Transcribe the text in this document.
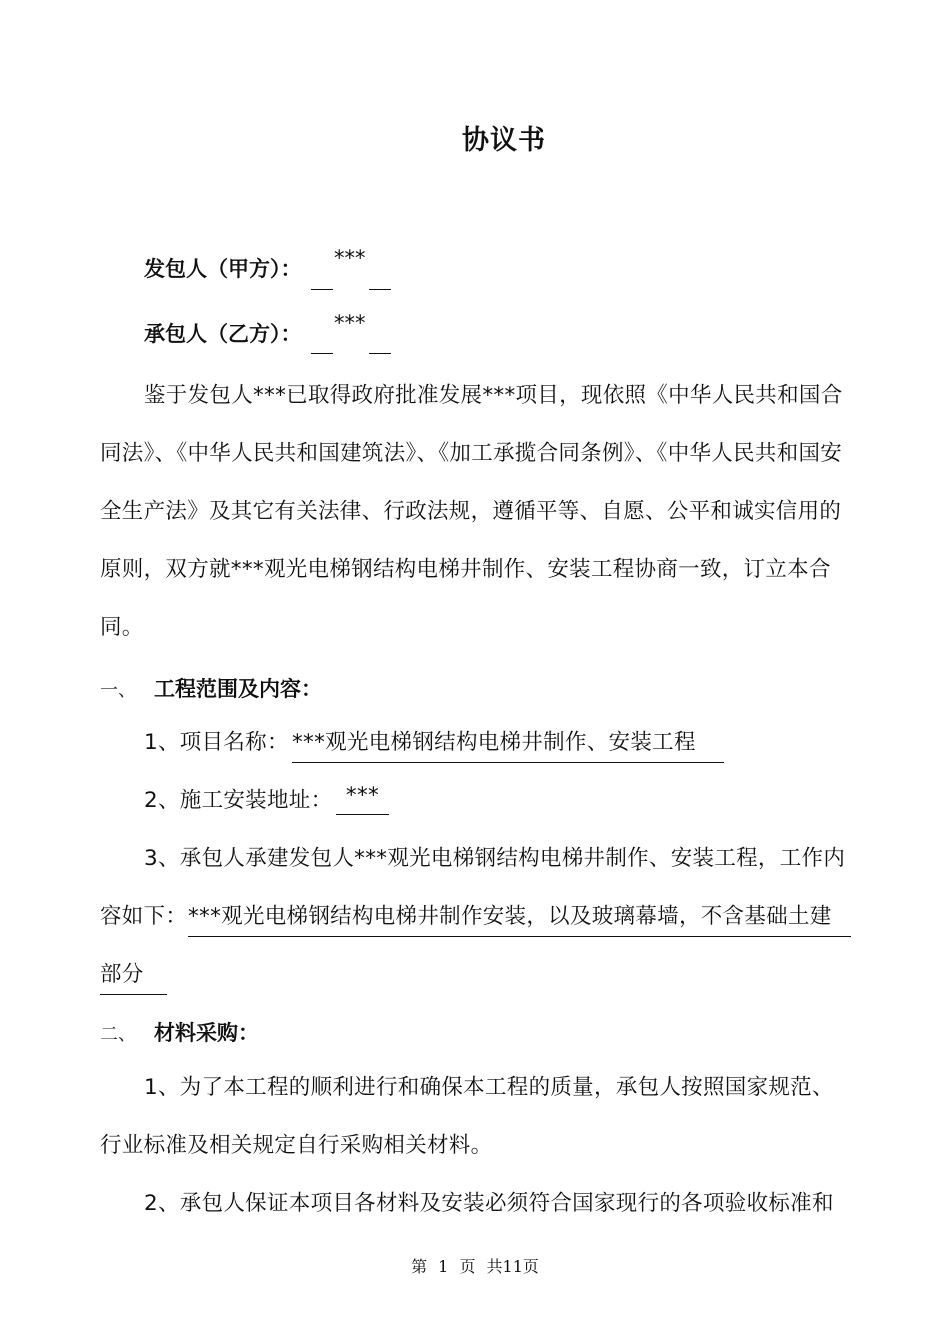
协议书
发包人（甲方）： ***
承包人（乙方）： ***
鉴于发包人***已取得政府批准发展***项目，现依照《中华人民共和国合
同法》、《中华人民共和国建筑法》、《加工承揽合同条例》、《中华人民共和国安
全生产法》及其它有关法律、行政法规，遵循平等、自愿、公平和诚实信用的
原则，双方就***观光电梯钢结构电梯井制作、安装工程协商一致，订立本合
同。
一、 工程范围及内容：
1、项目名称： ***观光电梯钢结构电梯井制作、安装工程
2、施工安装地址： ***
3、承包人承建发包人***观光电梯钢结构电梯井制作、安装工程，工作内
容如下： ***观光电梯钢结构电梯井制作安装，以及玻璃幕墙，不含基础土建
部分
二、 材料采购：
1、为了本工程的顺利进行和确保本工程的质量，承包人按照国家规范、
行业标准及相关规定自行采购相关材料。
2、承包人保证本项目各材料及安装必须符合国家现行的各项验收标准和
第 1 页 共11页
